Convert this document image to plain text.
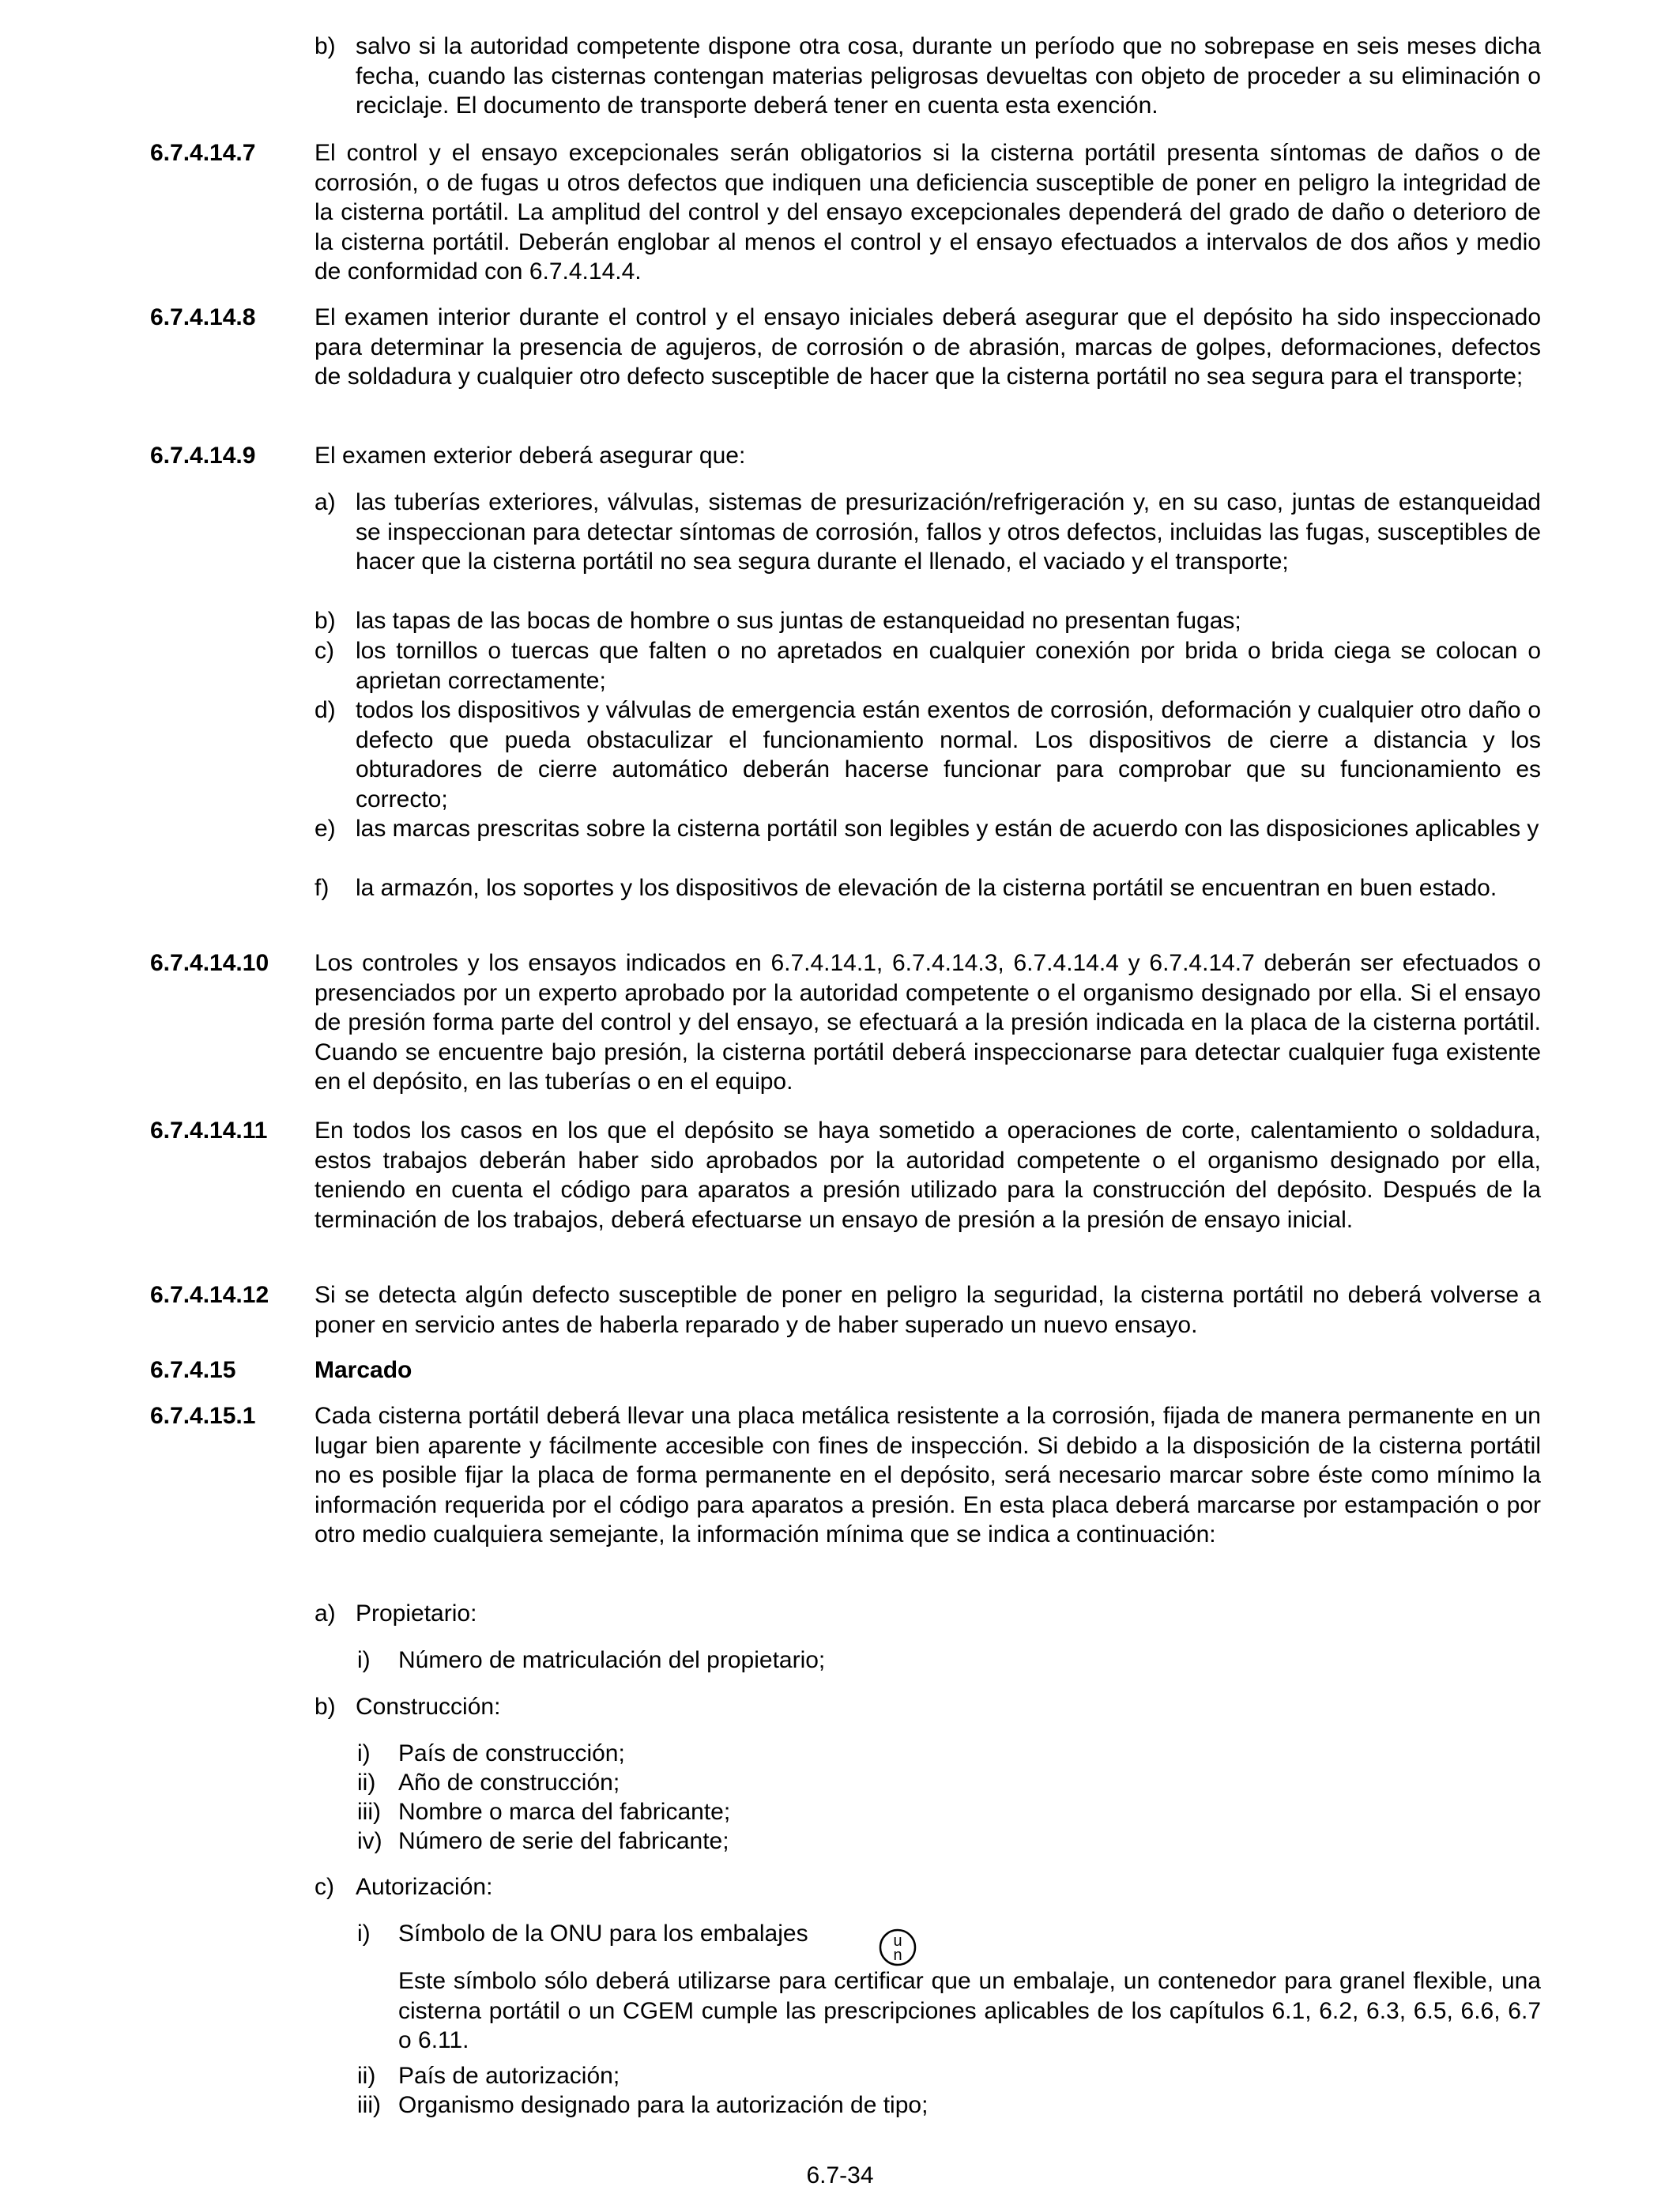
b) salvo si la autoridad competente dispone otra cosa, durante un período que no sobrepase en seis meses dicha fecha, cuando las cisternas contengan materias peligrosas devueltas con objeto de proceder a su eliminación o reciclaje. El documento de transporte deberá tener en cuenta esta exención.
6.7.4.14.7	El control y el ensayo excepcionales serán obligatorios si la cisterna portátil presenta síntomas de daños o de corrosión, o de fugas u otros defectos que indiquen una deficiencia susceptible de poner en peligro la integridad de la cisterna portátil. La amplitud del control y del ensayo excepcionales dependerá del grado de daño o deterioro de la cisterna portátil. Deberán englobar al menos el control y el ensayo efectuados a intervalos de dos años y medio de conformidad con 6.7.4.14.4.
6.7.4.14.8	El examen interior durante el control y el ensayo iniciales deberá asegurar que el depósito ha sido inspeccionado para determinar la presencia de agujeros, de corrosión o de abrasión, marcas de golpes, deformaciones, defectos de soldadura y cualquier otro defecto susceptible de hacer que la cisterna portátil no sea segura para el transporte;
6.7.4.14.9	El examen exterior deberá asegurar que:
a) las tuberías exteriores, válvulas, sistemas de presurización/refrigeración y, en su caso, juntas de estanqueidad se inspeccionan para detectar síntomas de corrosión, fallos y otros defectos, incluidas las fugas, susceptibles de hacer que la cisterna portátil no sea segura durante el llenado, el vaciado y el transporte;
b) las tapas de las bocas de hombre o sus juntas de estanqueidad no presentan fugas;
c) los tornillos o tuercas que falten o no apretados en cualquier conexión por brida o brida ciega se colocan o aprietan correctamente;
d) todos los dispositivos y válvulas de emergencia están exentos de corrosión, deformación y cualquier otro daño o defecto que pueda obstaculizar el funcionamiento normal. Los dispositivos de cierre a distancia y los obturadores de cierre automático deberán hacerse funcionar para comprobar que su funcionamiento es correcto;
e) las marcas prescritas sobre la cisterna portátil son legibles y están de acuerdo con las disposiciones aplicables y
f) la armazón, los soportes y los dispositivos de elevación de la cisterna portátil se encuentran en buen estado.
6.7.4.14.10	Los controles y los ensayos indicados en 6.7.4.14.1, 6.7.4.14.3, 6.7.4.14.4 y 6.7.4.14.7 deberán ser efectuados o presenciados por un experto aprobado por la autoridad competente o el organismo designado por ella. Si el ensayo de presión forma parte del control y del ensayo, se efectuará a la presión indicada en la placa de la cisterna portátil. Cuando se encuentre bajo presión, la cisterna portátil deberá inspeccionarse para detectar cualquier fuga existente en el depósito, en las tuberías o en el equipo.
6.7.4.14.11	En todos los casos en los que el depósito se haya sometido a operaciones de corte, calentamiento o soldadura, estos trabajos deberán haber sido aprobados por la autoridad competente o el organismo designado por ella, teniendo en cuenta el código para aparatos a presión utilizado para la construcción del depósito. Después de la terminación de los trabajos, deberá efectuarse un ensayo de presión a la presión de ensayo inicial.
6.7.4.14.12	Si se detecta algún defecto susceptible de poner en peligro la seguridad, la cisterna portátil no deberá volverse a poner en servicio antes de haberla reparado y de haber superado un nuevo ensayo.
6.7.4.15	Marcado
6.7.4.15.1	Cada cisterna portátil deberá llevar una placa metálica resistente a la corrosión, fijada de manera permanente en un lugar bien aparente y fácilmente accesible con fines de inspección. Si debido a la disposición de la cisterna portátil no es posible fijar la placa de forma permanente en el depósito, será necesario marcar sobre éste como mínimo la información requerida por el código para aparatos a presión. En esta placa deberá marcarse por estampación o por otro medio cualquiera semejante, la información mínima que se indica a continuación:
a) Propietario:
i) Número de matriculación del propietario;
b) Construcción:
i) País de construcción;
ii) Año de construcción;
iii) Nombre o marca del fabricante;
iv) Número de serie del fabricante;
c) Autorización:
i) Símbolo de la ONU para los embalajes	u
n
Este símbolo sólo deberá utilizarse para certificar que un embalaje, un contenedor para granel flexible, una cisterna portátil o un CGEM cumple las prescripciones aplicables de los capítulos 6.1, 6.2, 6.3, 6.5, 6.6, 6.7 o 6.11.
ii) País de autorización;
iii) Organismo designado para la autorización de tipo;
6.7-34
